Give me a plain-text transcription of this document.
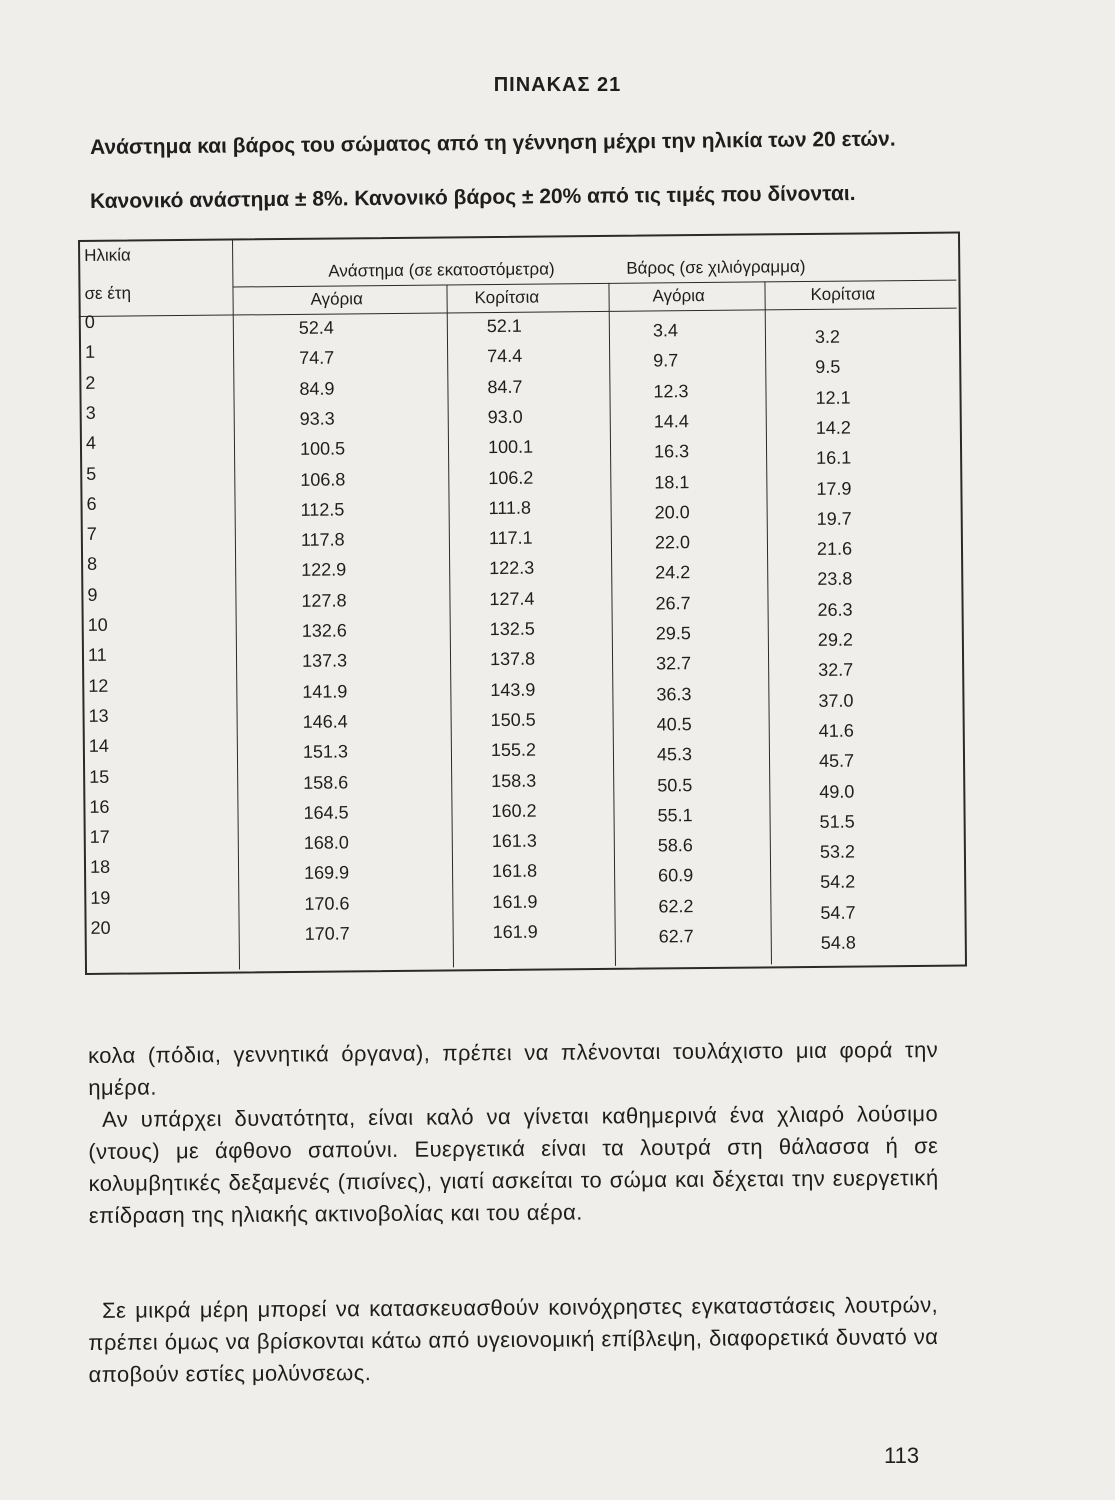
ΠΙΝΑΚΑΣ 21
Ανάστημα και βάρος του σώματος από τη γέννηση μέχρι την ηλικία των 20 ετών.
Κανονικό ανάστημα ± 8%. Κανονικό βάρος ± 20% από τις τιμές που δίνονται.
Ηλικία
σε έτη
Ανάστημα (σε εκατοστόμετρα)	Βάρος (σε χιλιόγραμμα)
Αγόρια	Κορίτσια	Αγόρια	Κορίτσια
0	52.4	52.1	3.4	3.2
1	74.7	74.4	9.7	9.5
2	84.9	84.7	12.3	12.1
3	93.3	93.0	14.4	14.2
4	100.5	100.1	16.3	16.1
5	106.8	106.2	18.1	17.9
6	112.5	111.8	20.0	19.7
7	117.8	117.1	22.0	21.6
8	122.9	122.3	24.2	23.8
9	127.8	127.4	26.7	26.3
10	132.6	132.5	29.5	29.2
11	137.3	137.8	32.7	32.7
12	141.9	143.9	36.3	37.0
13	146.4	150.5	40.5	41.6
14	151.3	155.2	45.3	45.7
15	158.6	158.3	50.5	49.0
16	164.5	160.2	55.1	51.5
17	168.0	161.3	58.6	53.2
18	169.9	161.8	60.9	54.2
19	170.6	161.9	62.2	54.7
20	170.7	161.9	62.7	54.8
κολα (πόδια, γεννητικά όργανα), πρέπει να πλένονται τουλάχιστο μια φορά την ημέρα.
Αν υπάρχει δυνατότητα, είναι καλό να γίνεται καθημερινά ένα χλιαρό λούσιμο (ντους) με άφθονο σαπούνι. Ευεργετικά είναι τα λουτρά στη θάλασσα ή σε κολυμβητικές δεξαμενές (πισίνες), γιατί ασκείται το σώμα και δέχεται την ευεργετική επίδραση της ηλιακής ακτινοβολίας και του αέρα.
Σε μικρά μέρη μπορεί να κατασκευασθούν κοινόχρηστες εγκαταστάσεις λουτρών, πρέπει όμως να βρίσκονται κάτω από υγειονομική επίβλεψη, διαφορετικά δυνατό να αποβούν εστίες μολύνσεως.
113
